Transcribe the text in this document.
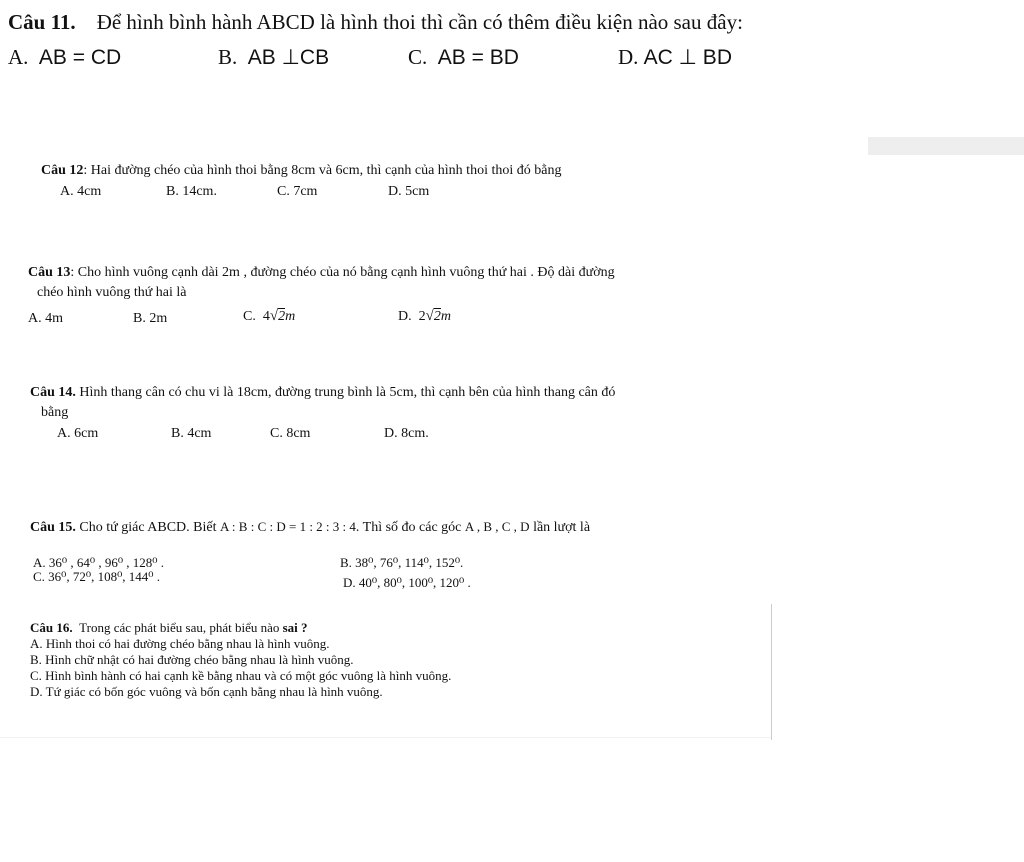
Câu 11. Để hình bình hành ABCD là hình thoi thì cần có thêm điều kiện nào sau đây:
A. AB = CD	B. AB ⊥CB	C. AB = BD	D. AC ⊥ BD
Câu 12: Hai đường chéo của hình thoi bằng 8cm và 6cm, thì cạnh của hình thoi thoi đó bằng
A. 4cm	B. 14cm.	C. 7cm	D. 5cm
Câu 13: Cho hình vuông cạnh dài 2m , đường chéo của nó bằng cạnh hình vuông thứ hai . Độ dài đường
chéo hình vuông thứ hai là
A. 4m	B. 2m	C. 4√2m	D. 2√2m
Câu 14. Hình thang cân có chu vi là 18cm, đường trung bình là 5cm, thì cạnh bên của hình thang cân đó
bằng
A. 6cm	B. 4cm	C. 8cm	D. 8cm.
Câu 15. Cho tứ giác ABCD. Biết A : B : C : D = 1 : 2 : 3 : 4. Thì số đo các góc A , B , C , D lần lượt là
A. 36⁰ , 64⁰ , 96⁰ , 128⁰ .	B. 38⁰, 76⁰, 114⁰, 152⁰.
C. 36⁰, 72⁰, 108⁰, 144⁰ .	D. 40⁰, 80⁰, 100⁰, 120⁰ .
Câu 16. Trong các phát biểu sau, phát biểu nào sai ?
A. Hình thoi có hai đường chéo bằng nhau là hình vuông.
B. Hình chữ nhật có hai đường chéo bằng nhau là hình vuông.
C. Hình bình hành có hai cạnh kề bằng nhau và có một góc vuông là hình vuông.
D. Tứ giác có bốn góc vuông và bốn cạnh bằng nhau là hình vuông.
